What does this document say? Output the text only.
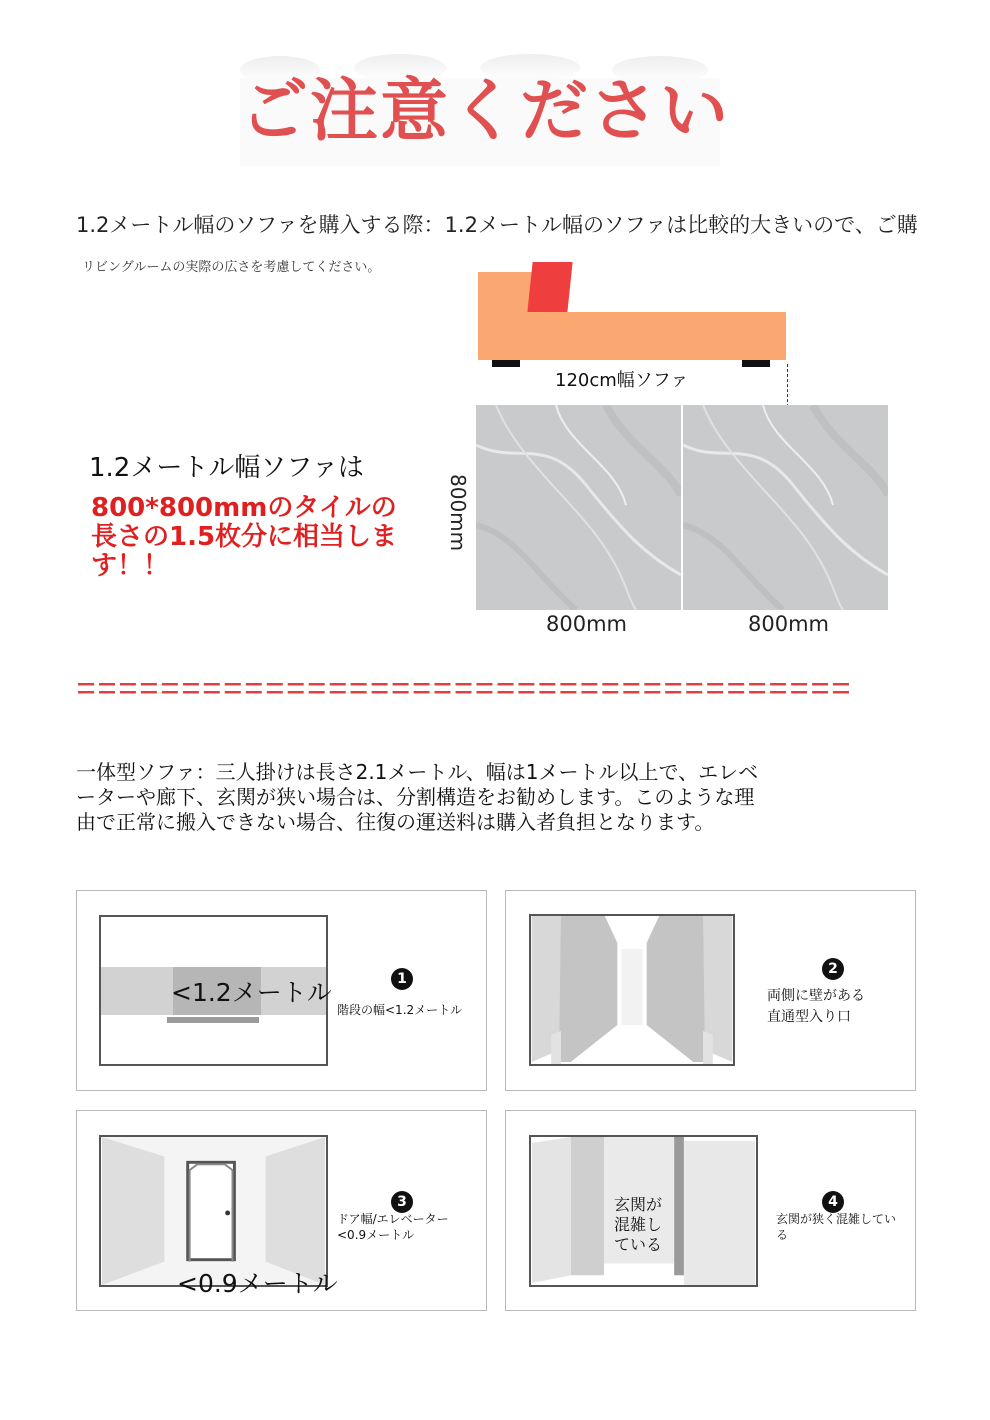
ご注意ください
1.2メートル幅のソファを購入する際：1.2メートル幅のソファは比較的大きいので、ご購
リビングルームの実際の広さを考慮してください。
120cm幅ソファ
800mm
800mm	800mm
1.2メートル幅ソファは
800*800mmのタイルの長さの1.5枚分に相当します！！
一体型ソファ：三人掛けは長さ2.1メートル、幅は1メートル以上で、エレベーターや廊下、玄関が狭い場合は、分割構造をお勧めします。このような理由で正常に搬入できない場合、往復の運送料は購入者負担となります。
<1.2メートル	1
階段の幅<1.2メートル
2
両側に壁がある
直通型入り口
<0.9メートル
3
ドア幅/エレベーター
<0.9メートル
玄関が混雑している
4
玄関が狭く混雑している
